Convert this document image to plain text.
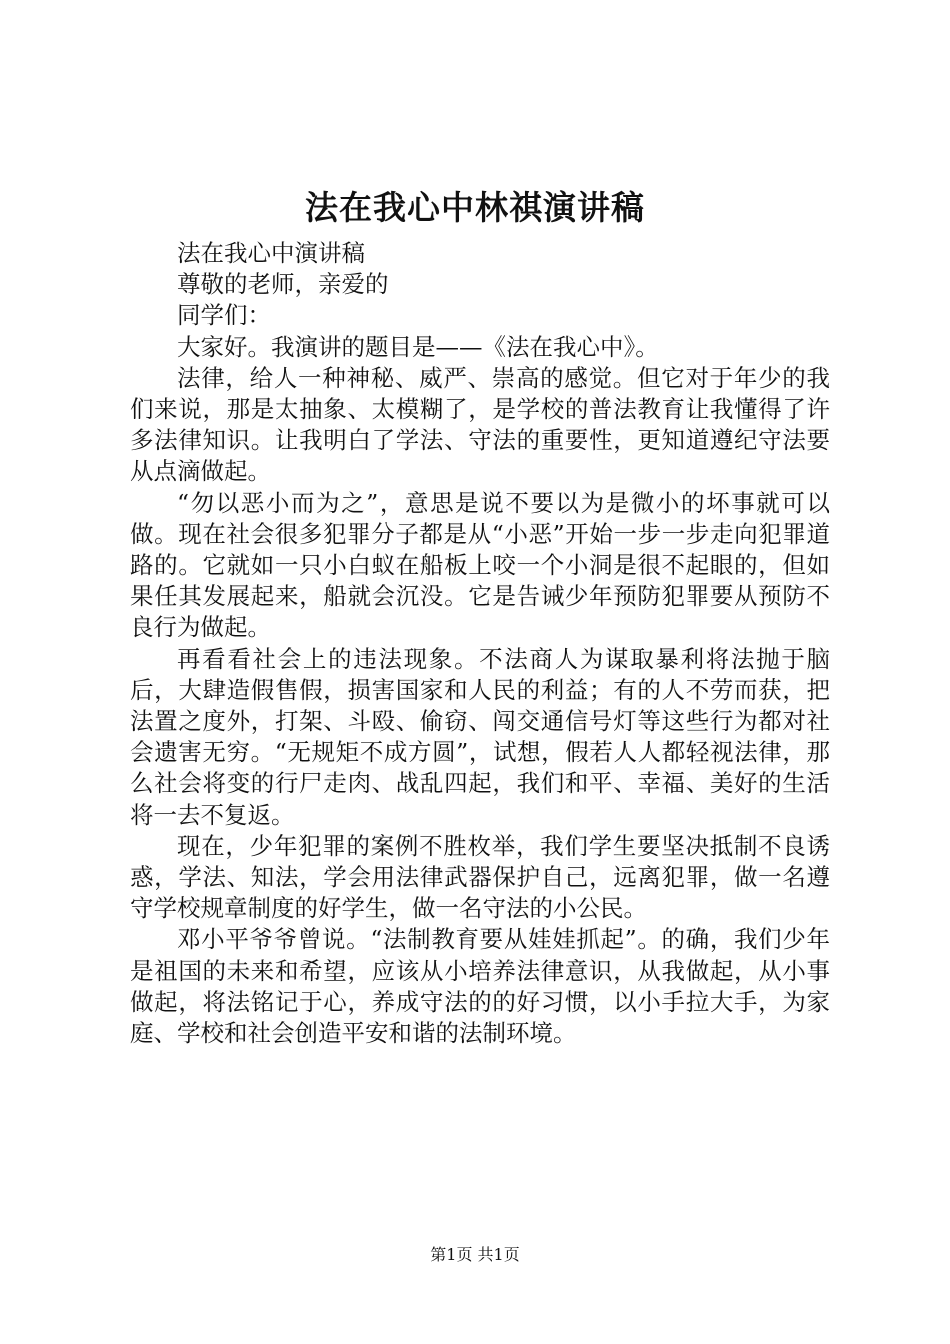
法在我心中林祺演讲稿

法在我心中演讲稿

尊敬的老师，亲爱的

同学们：

大家好。我演讲的题目是——《法在我心中》。

法律，给人一种神秘、威严、崇高的感觉。但它对于年少的我们来说，那是太抽象、太模糊了，是学校的普法教育让我懂得了许多法律知识。让我明白了学法、守法的重要性，更知道遵纪守法要从点滴做起。

“勿以恶小而为之”，意思是说不要以为是微小的坏事就可以做。现在社会很多犯罪分子都是从“小恶”开始一步一步走向犯罪道路的。它就如一只小白蚁在船板上咬一个小洞是很不起眼的，但如果任其发展起来，船就会沉没。它是告诫少年预防犯罪要从预防不良行为做起。

再看看社会上的违法现象。不法商人为谋取暴利将法抛于脑后，大肆造假售假，损害国家和人民的利益；有的人不劳而获，把法置之度外，打架、斗殴、偷窃、闯交通信号灯等这些行为都对社会遗害无穷。“无规矩不成方圆”，试想，假若人人都轻视法律，那么社会将变的行尸走肉、战乱四起，我们和平、幸福、美好的生活将一去不复返。

现在，少年犯罪的案例不胜枚举，我们学生要坚决抵制不良诱惑，学法、知法，学会用法律武器保护自己，远离犯罪，做一名遵守学校规章制度的好学生，做一名守法的小公民。

邓小平爷爷曾说。“法制教育要从娃娃抓起”。的确，我们少年是祖国的未来和希望，应该从小培养法律意识，从我做起，从小事做起，将法铭记于心，养成守法的的好习惯，以小手拉大手，为家庭、学校和社会创造平安和谐的法制环境。

第1页 共1页
